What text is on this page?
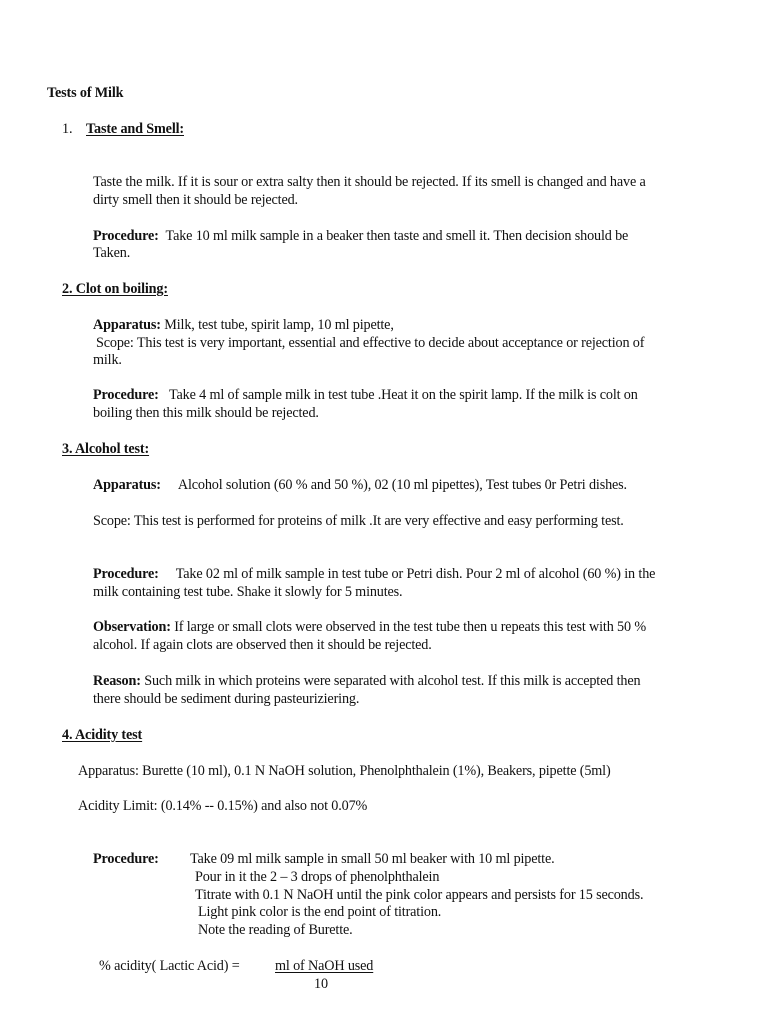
Tests of Milk
1. Taste and Smell:
Taste the milk. If it is sour or extra salty then it should be rejected. If its smell is changed and have a
dirty smell then it should be rejected.
Procedure: Take 10 ml milk sample in a beaker then taste and smell it. Then decision should be
Taken.
2. Clot on boiling:
Apparatus: Milk, test tube, spirit lamp, 10 ml pipette,
Scope: This test is very important, essential and effective to decide about acceptance or rejection of
milk.
Procedure: Take 4 ml of sample milk in test tube .Heat it on the spirit lamp. If the milk is colt on
boiling then this milk should be rejected.
3. Alcohol test:
Apparatus: Alcohol solution (60 % and 50 %), 02 (10 ml pipettes), Test tubes 0r Petri dishes.
Scope: This test is performed for proteins of milk .It are very effective and easy performing test.
Procedure: Take 02 ml of milk sample in test tube or Petri dish. Pour 2 ml of alcohol (60 %) in the
milk containing test tube. Shake it slowly for 5 minutes.
Observation: If large or small clots were observed in the test tube then u repeats this test with 50 %
alcohol. If again clots are observed then it should be rejected.
Reason: Such milk in which proteins were separated with alcohol test. If this milk is accepted then
there should be sediment during pasteuriziering.
4. Acidity test
Apparatus: Burette (10 ml), 0.1 N NaOH solution, Phenolphthalein (1%), Beakers, pipette (5ml)
Acidity Limit: (0.14% -- 0.15%) and also not 0.07%
Procedure: Take 09 ml milk sample in small 50 ml beaker with 10 ml pipette.
Pour in it the 2 – 3 drops of phenolphthalein
Titrate with 0.1 N NaOH until the pink color appears and persists for 15 seconds.
Light pink color is the end point of titration.
Note the reading of Burette.
% acidity( Lactic Acid) = ml of NaOH used
10
